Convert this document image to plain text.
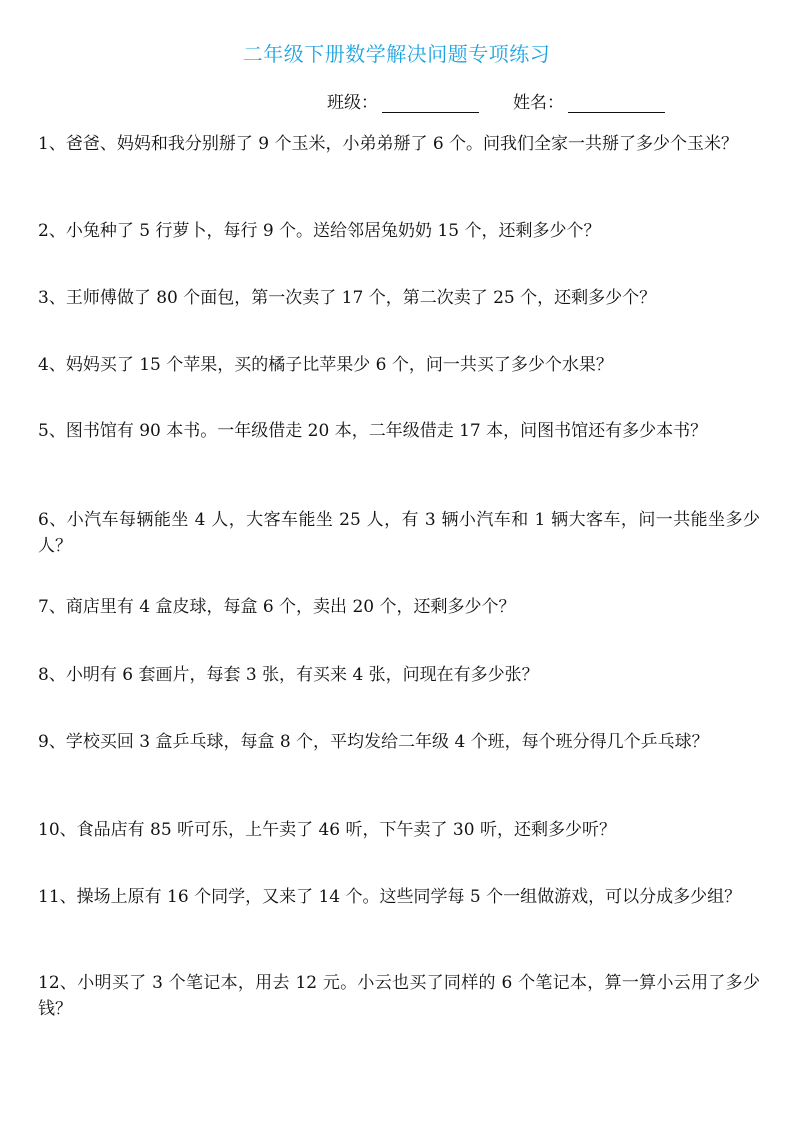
二年级下册数学解决问题专项练习
班级：	姓名：
1、爸爸、妈妈和我分别掰了 9 个玉米，小弟弟掰了 6 个。问我们全家一共掰了多少个玉米？
2、小兔种了 5 行萝卜，每行 9 个。送给邻居兔奶奶 15 个，还剩多少个？
3、王师傅做了 80 个面包，第一次卖了 17 个，第二次卖了 25 个，还剩多少个？
4、妈妈买了 15 个苹果，买的橘子比苹果少 6 个，问一共买了多少个水果？
5、图书馆有 90 本书。一年级借走 20 本，二年级借走 17 本，问图书馆还有多少本书？
6、小汽车每辆能坐 4 人，大客车能坐 25 人，有 3 辆小汽车和 1 辆大客车，问一共能坐多少人？
7、商店里有 4 盒皮球，每盒 6 个，卖出 20 个，还剩多少个？
8、小明有 6 套画片，每套 3 张，有买来 4 张，问现在有多少张？
9、学校买回 3 盒乒乓球，每盒 8 个，平均发给二年级 4 个班，每个班分得几个乒乓球？
10、食品店有 85 听可乐，上午卖了 46 听，下午卖了 30 听，还剩多少听？
11、操场上原有 16 个同学，又来了 14 个。这些同学每 5 个一组做游戏，可以分成多少组？
12、小明买了 3 个笔记本，用去 12 元。小云也买了同样的 6 个笔记本，算一算小云用了多少钱？
